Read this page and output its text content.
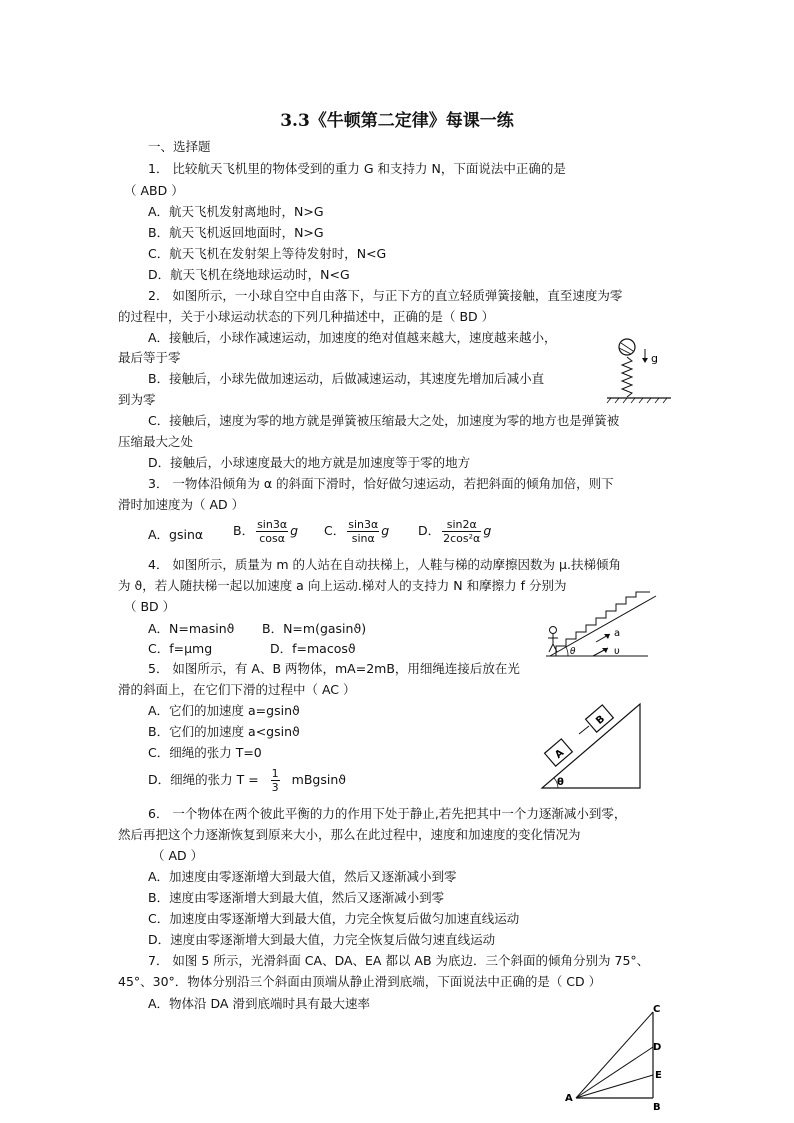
3.3《牛顿第二定律》每课一练
一、选择题
1． 比较航天飞机里的物体受到的重力 G 和支持力 N，下面说法中正确的是
（ ABD ）
A．航天飞机发射离地时，N>G
B．航天飞机返回地面时，N>G
C．航天飞机在发射架上等待发射时，N<G
D．航天飞机在绕地球运动时，N<G
2． 如图所示，一小球自空中自由落下，与正下方的直立轻质弹簧接触，直至速度为零
的过程中，关于小球运动状态的下列几种描述中，正确的是（ BD ）
A．接触后，小球作减速运动，加速度的绝对值越来越大，速度越来越小，
最后等于零
B．接触后，小球先做加速运动，后做减速运动，其速度先增加后减小直
到为零
C．接触后，速度为零的地方就是弹簧被压缩最大之处，加速度为零的地方也是弹簧被
压缩最大之处
D．接触后，小球速度最大的地方就是加速度等于零的地方
g
3． 一物体沿倾角为 α 的斜面下滑时，恰好做匀速运动，若把斜面的倾角加倍，则下
滑时加速度为（ AD ）
A．gsinα B． $\frac{\sin 3\alpha}{\cos\alpha}$ g C． $\frac{\sin 3\alpha}{\sin\alpha}$ g D． $\frac{\sin 2\alpha}{\text{2cos²α}}$ g
4． 如图所示，质量为 m 的人站在自动扶梯上，人鞋与梯的动摩擦因数为 μ.扶梯倾角
为 ϑ，若人随扶梯一起以加速度 a 向上运动.梯对人的支持力 N 和摩擦力 f 分别为
（ BD ）
A．N=masinϑ B．N=m(gasinϑ)
C．f=μmg	D．f=macosϑ	θ
a
υ
5． 如图所示，有 A、B 两物体，mA=2mB，用细绳连接后放在光
滑的斜面上，在它们下滑的过程中（ AC ）
A．它们的加速度 a=gsinϑ
B．它们的加速度 a<gsinϑ
C．细绳的张力 T=0
D．细绳的张力 $T = \frac{1}{3}$ mBgsinϑ
A
B
θ
6． 一个物体在两个彼此平衡的力的作用下处于静止,若先把其中一个力逐渐减小到零，
然后再把这个力逐渐恢复到原来大小，那么在此过程中，速度和加速度的变化情况为
（ AD ）
A．加速度由零逐渐增大到最大值，然后又逐渐减小到零
B．速度由零逐渐增大到最大值，然后又逐渐减小到零
C．加速度由零逐渐增大到最大值，力完全恢复后做匀加速直线运动
D．速度由零逐渐增大到最大值，力完全恢复后做匀速直线运动
7． 如图 5 所示，光滑斜面 CA、DA、EA 都以 AB 为底边．三个斜面的倾角分别为 75°、
45°、30°．物体分别沿三个斜面由顶端从静止滑到底端，下面说法中正确的是（ CD ）
A．物体沿 DA 滑到底端时具有最大速率	C
D
E
A
B
